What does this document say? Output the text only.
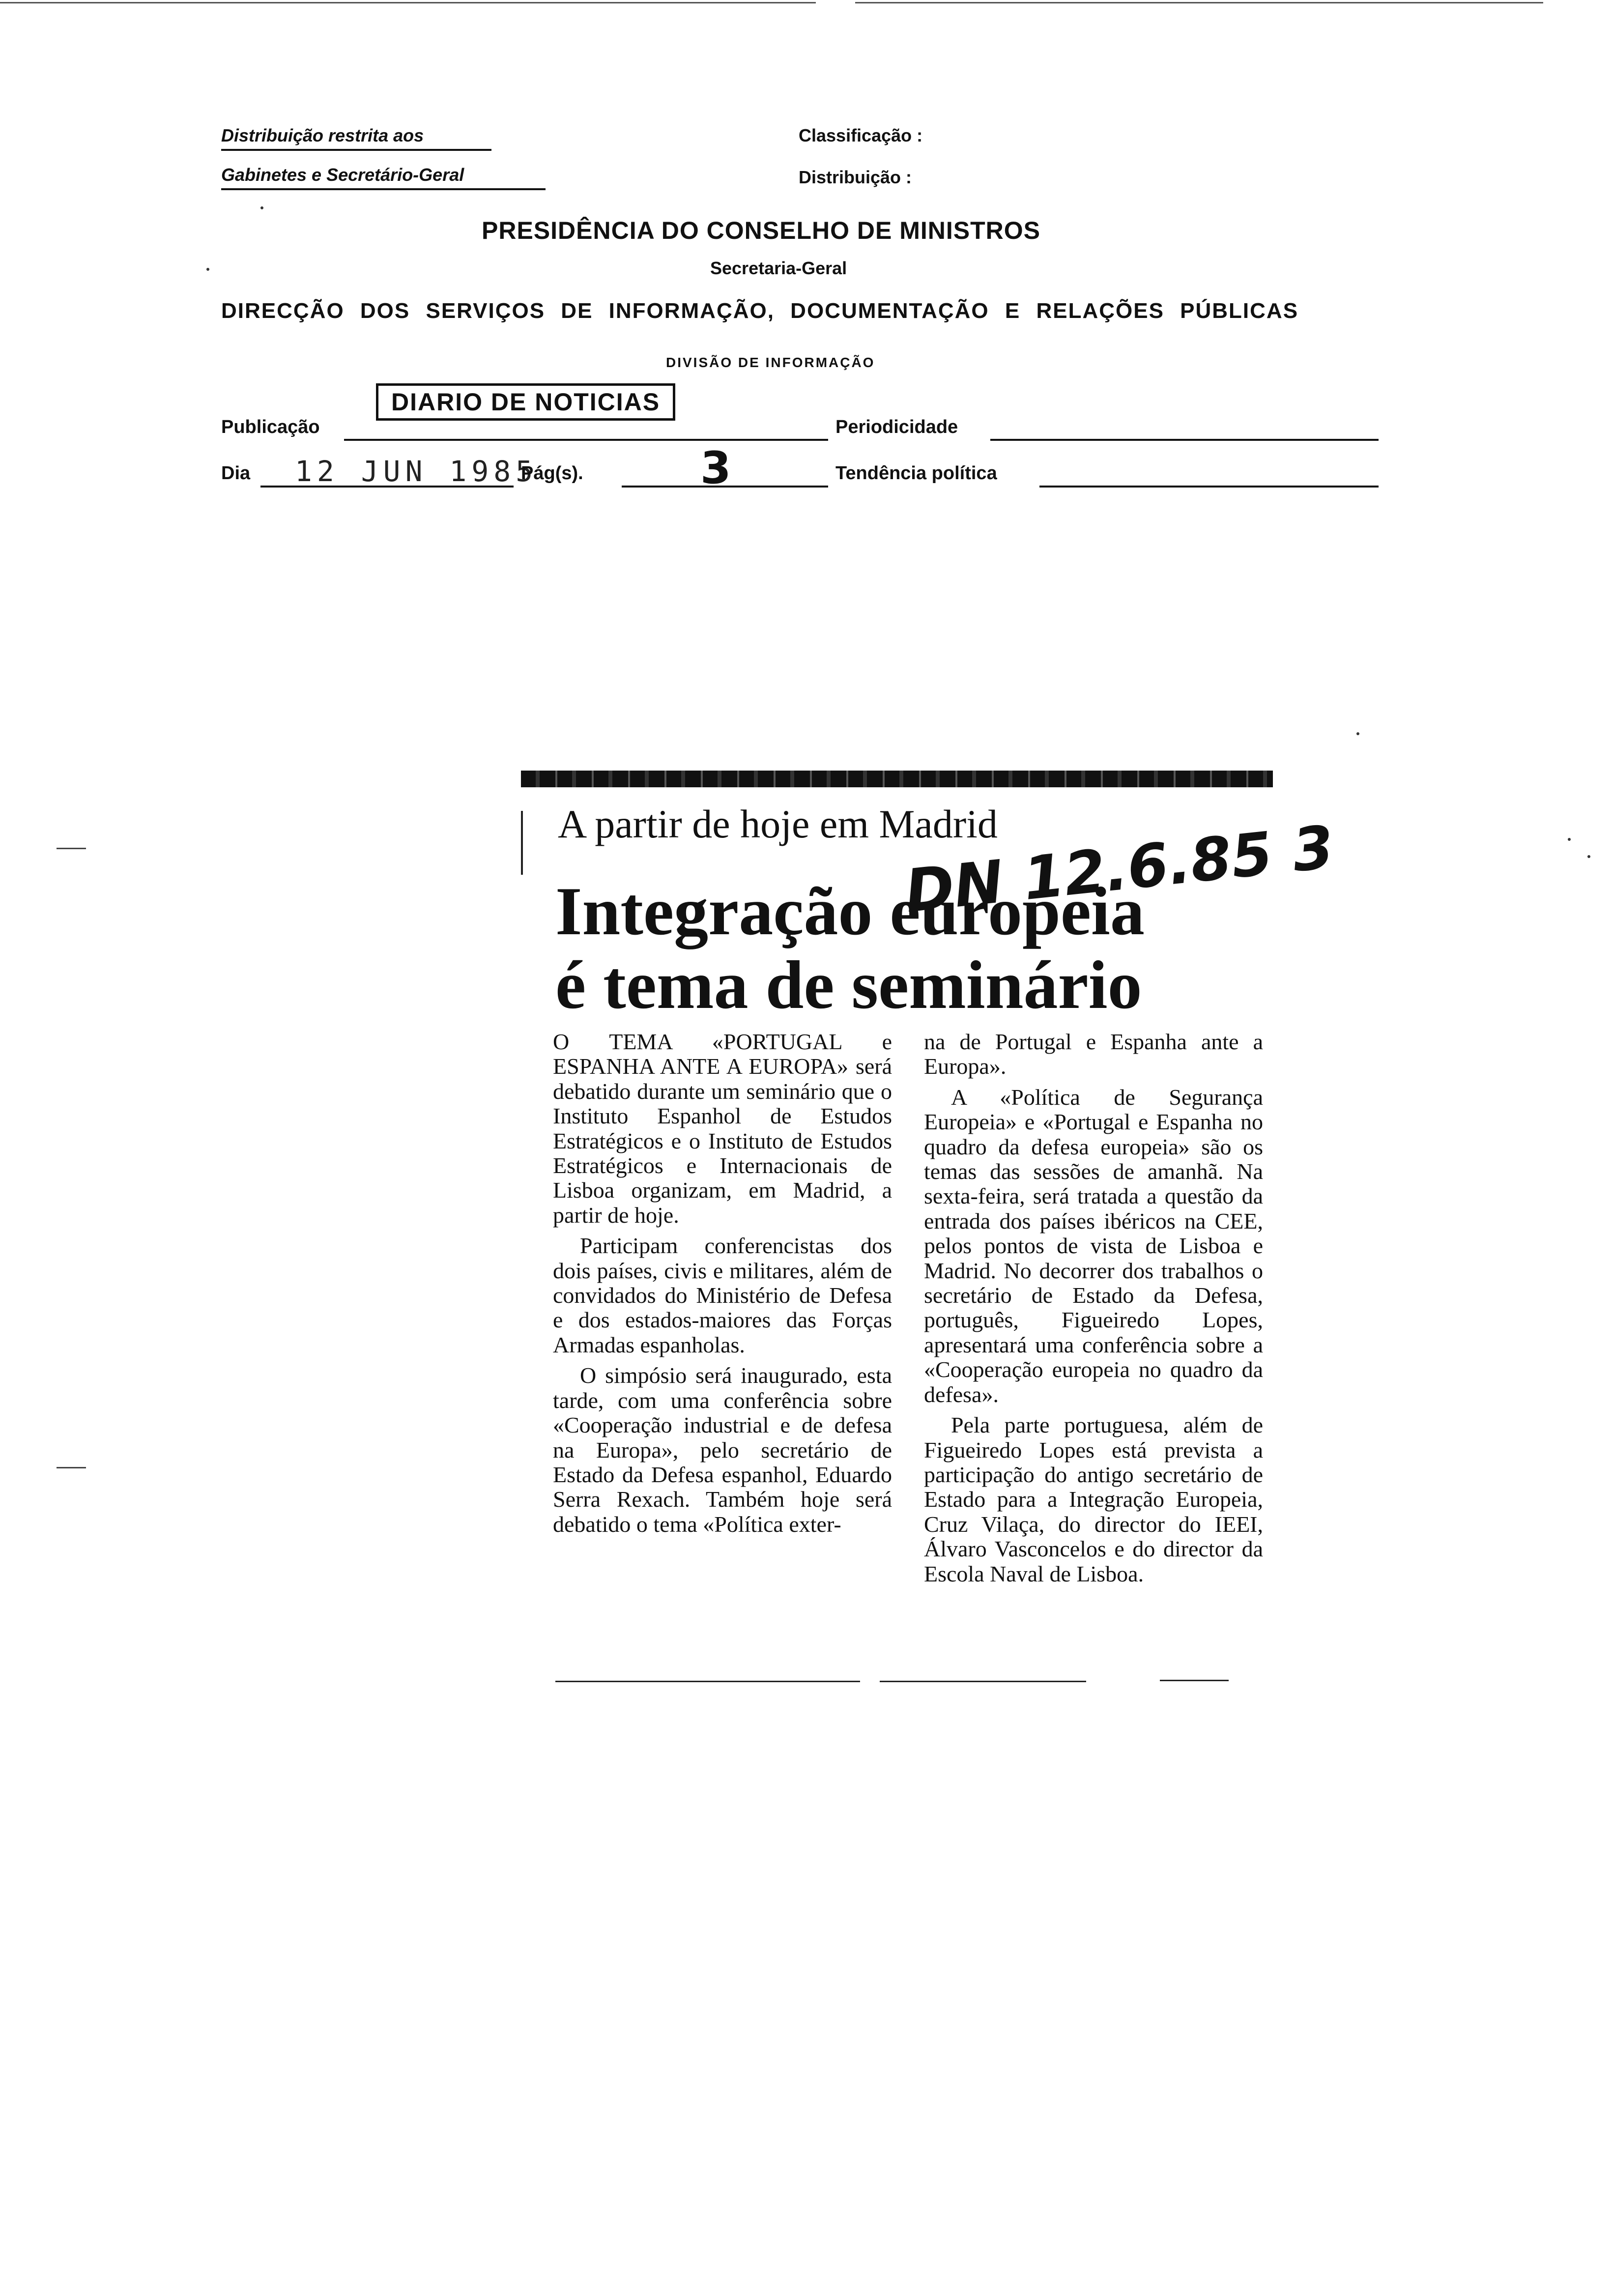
Distribuição restrita aos
Gabinetes e Secretário-Geral
Classificação :
Distribuição :
PRESIDÊNCIA DO CONSELHO DE MINISTROS
Secretaria-Geral
DIRECÇÃO DOS SERVIÇOS DE INFORMAÇÃO, DOCUMENTAÇÃO E RELAÇÕES PÚBLICAS
DIVISÃO DE INFORMAÇÃO
Publicação
DIARIO DE NOTICIAS
Periodicidade
Dia 12 JUN 1985
Pág(s).	3	Tendência política
A partir de hoje em Madrid
Integração europeia
é tema de seminário
DN 12.6.85 3

O TEMA «PORTUGAL e ESPANHA ANTE A EUROPA» será debatido durante um seminário que o Instituto Espanhol de Estudos Estratégicos e o Instituto de Estudos Estratégicos e Internacionais de Lisboa organizam, em Madrid, a partir de hoje.

Participam conferencistas dos dois países, civis e militares, além de convidados do Ministério de Defesa e dos estados-maiores das Forças Armadas espanholas.

O simpósio será inaugurado, esta tarde, com uma conferência sobre «Cooperação industrial e de defesa na Europa», pelo secretário de Estado da Defesa espanhol, Eduardo Serra Rexach. Também hoje será debatido o tema «Política exter-

na de Portugal e Espanha ante a Europa».

A «Política de Segurança Europeia» e «Portugal e Espanha no quadro da defesa europeia» são os temas das sessões de amanhã. Na sexta-feira, será tratada a questão da entrada dos países ibéricos na CEE, pelos pontos de vista de Lisboa e Madrid. No decorrer dos trabalhos o secretário de Estado da Defesa, português, Figueiredo Lopes, apresentará uma conferência sobre a «Cooperação europeia no quadro da defesa».

Pela parte portuguesa, além de Figueiredo Lopes está prevista a participação do antigo secretário de Estado para a Integração Europeia, Cruz Vilaça, do director do IEEI, Álvaro Vasconcelos e do director da Escola Naval de Lisboa.
